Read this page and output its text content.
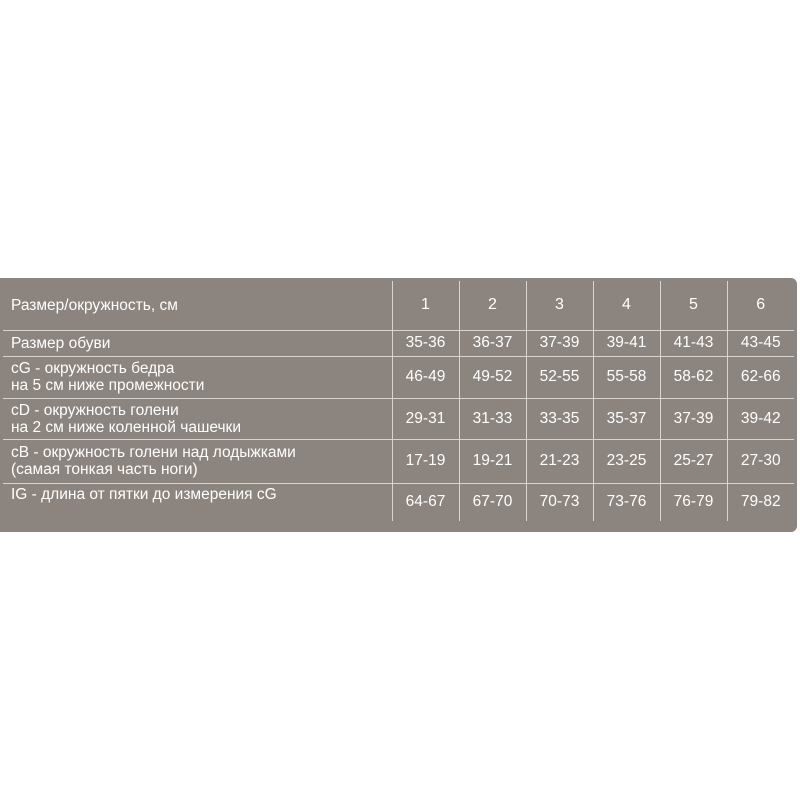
Размер/окружность, см	1	2	3	4	5	6

Размер обуви	35-36	36-37	37-39	39-41	41-43	43-45

cG - окружность бедра
на 5 см ниже промежности	46-49	49-52	52-55	55-58	58-62	62-66

cD - окружность голени
на 2 см ниже коленной чашечки	29-31	31-33	33-35	35-37	37-39	39-42

cB - окружность голени над лодыжками
(самая тонкая часть ноги)	17-19	19-21	21-23	23-25	25-27	27-30

IG - длина от пятки до измерения cG	64-67	67-70	70-73	73-76	76-79	79-82
